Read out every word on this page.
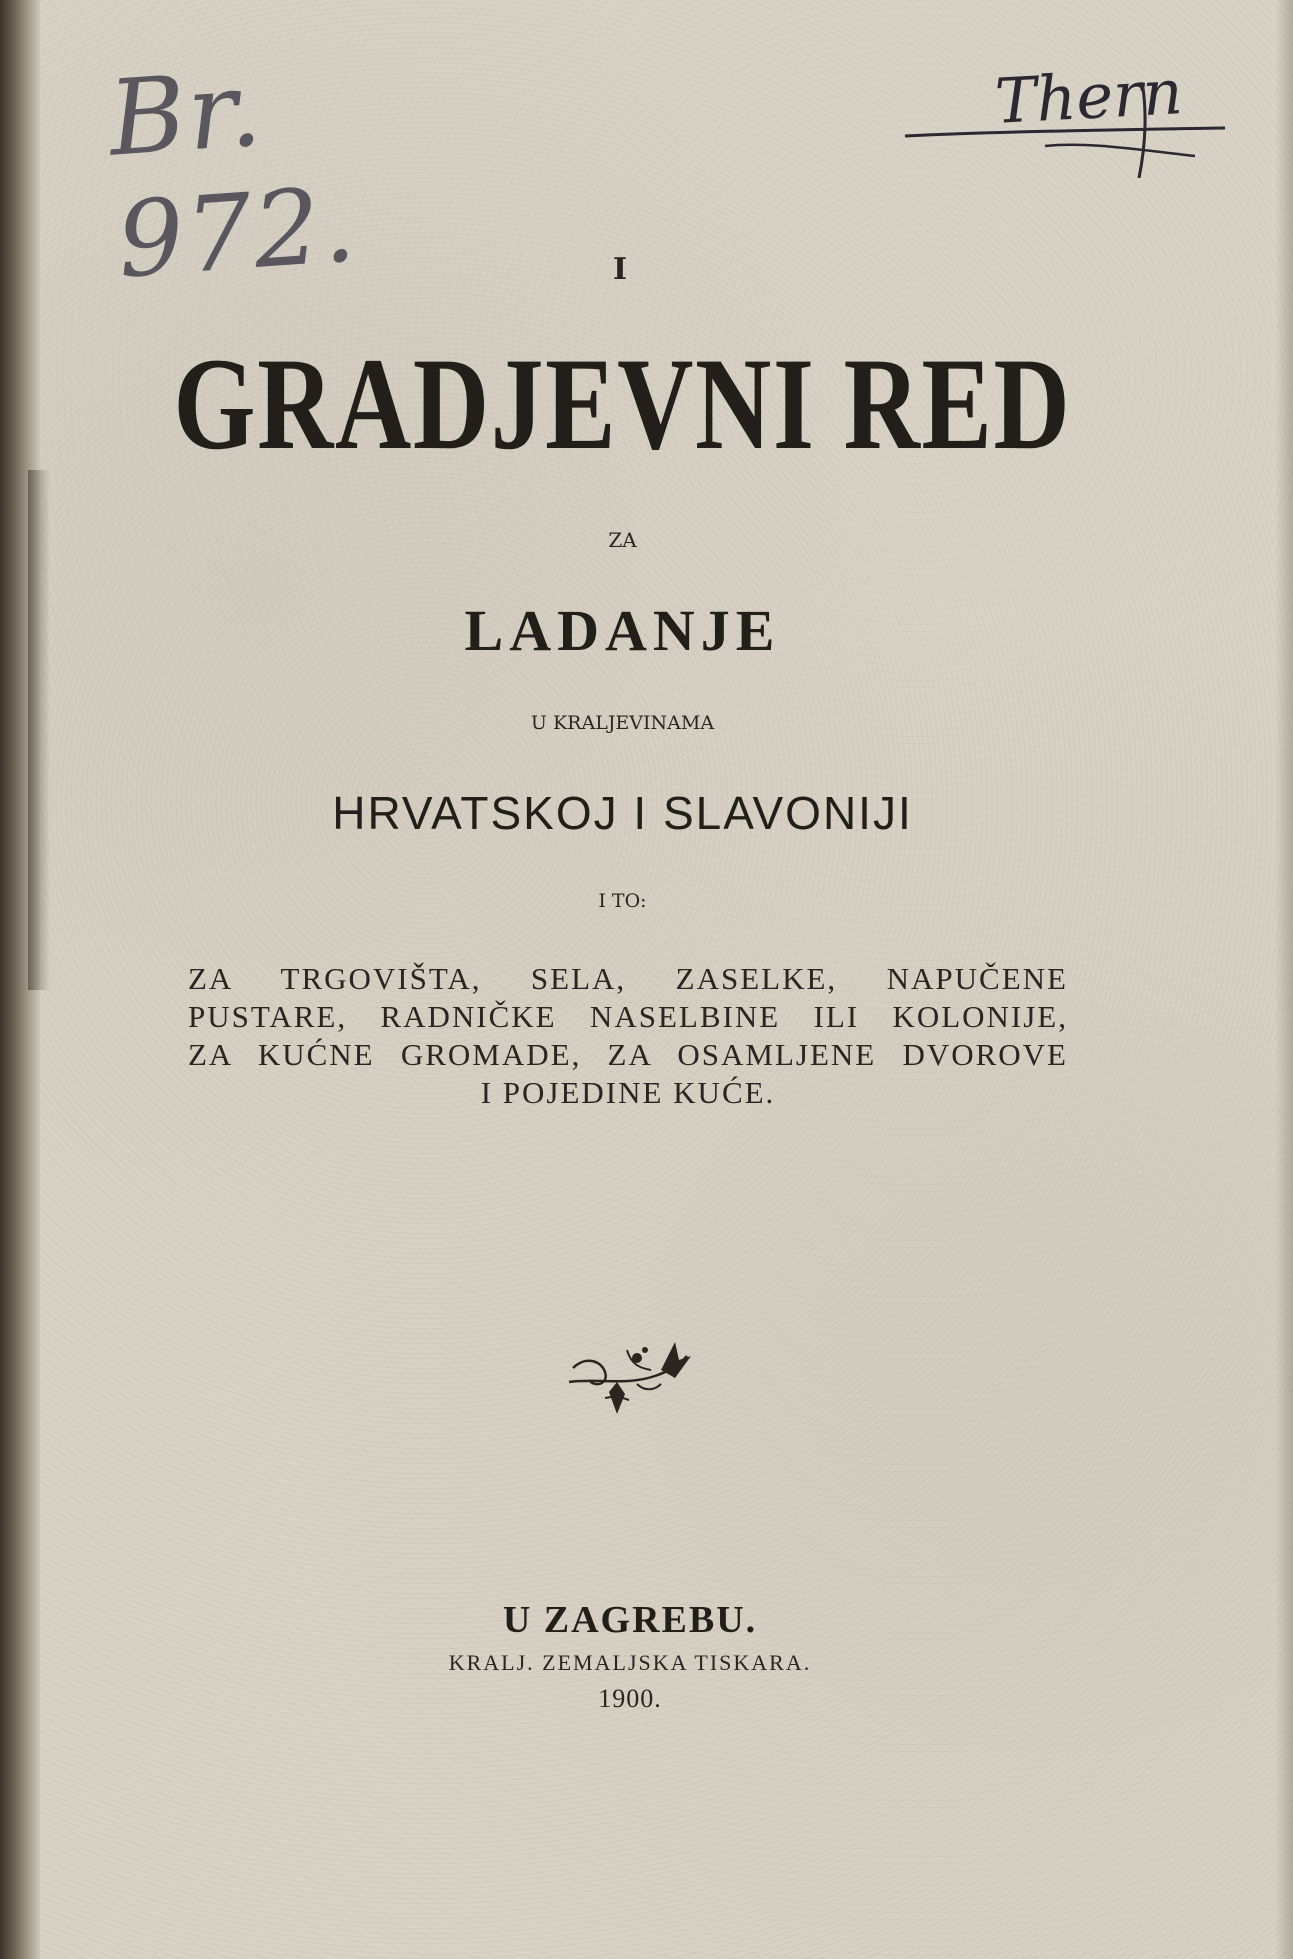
Br. 972.
Thern
I
GRADJEVNI RED
ZA
LADANJE
U KRALJEVINAMA
HRVATSKOJ I SLAVONIJI
I TO:
ZA TRGOVIŠTA, SELA, ZASELKE, NAPUČENE
PUSTARE, RADNIČKE NASELBINE ILI KOLONIJE,
ZA KUĆNE GROMADE, ZA OSAMLJENE DVOROVE
I POJEDINE KUĆE.
U ZAGREBU.
KRALJ. ZEMALJSKA TISKARA.
1900.
